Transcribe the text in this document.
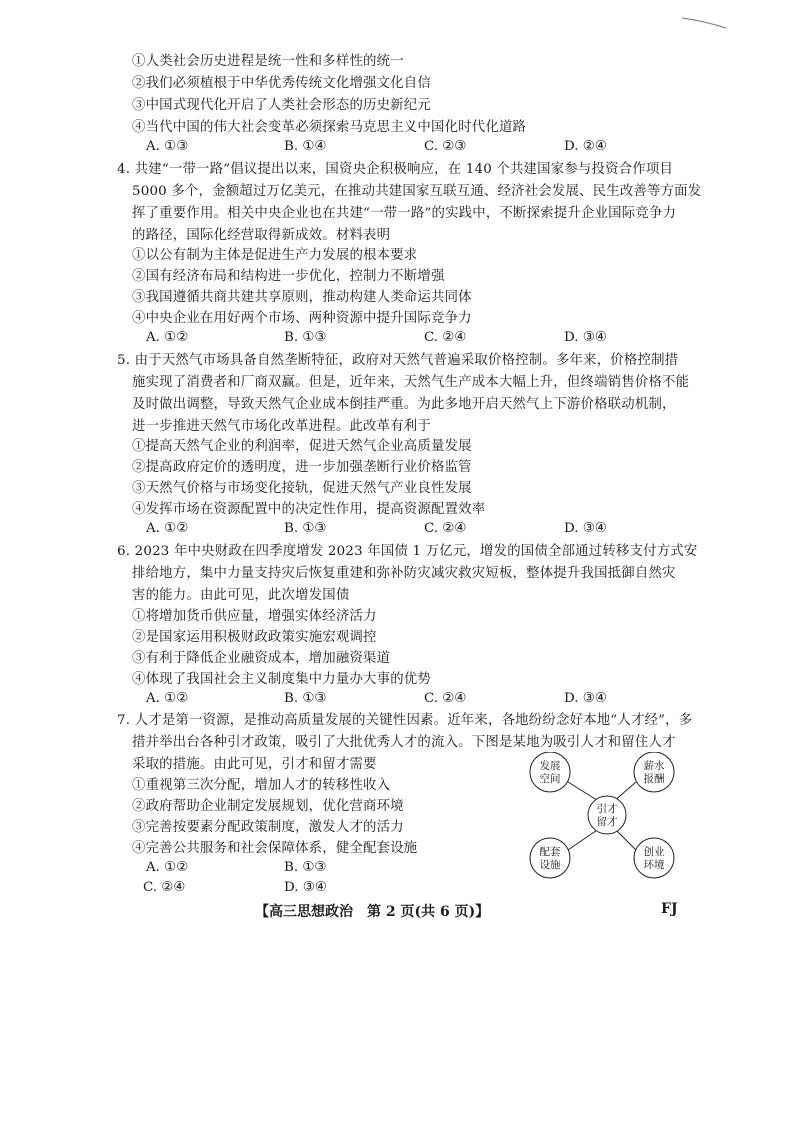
①人类社会历史进程是统一性和多样性的统一
②我们必须植根于中华优秀传统文化增强文化自信
③中国式现代化开启了人类社会形态的历史新纪元
④当代中国的伟大社会变革必须探索马克思主义中国化时代化道路
A. ①③	B. ①④	C. ②③	D. ②④
4. 共建“一带一路”倡议提出以来，国资央企积极响应，在 140 个共建国家参与投资合作项目
5000 多个，金额超过万亿美元，在推动共建国家互联互通、经济社会发展、民生改善等方面发
挥了重要作用。相关中央企业也在共建“一带一路”的实践中，不断探索提升企业国际竞争力
的路径，国际化经营取得新成效。材料表明
①以公有制为主体是促进生产力发展的根本要求
②国有经济布局和结构进一步优化，控制力不断增强
③我国遵循共商共建共享原则，推动构建人类命运共同体
④中央企业在用好两个市场、两种资源中提升国际竞争力
A. ①②	B. ①③	C. ②④	D. ③④
5. 由于天然气市场具备自然垄断特征，政府对天然气普遍采取价格控制。多年来，价格控制措
施实现了消费者和厂商双赢。但是，近年来，天然气生产成本大幅上升，但终端销售价格不能
及时做出调整，导致天然气企业成本倒挂严重。为此多地开启天然气上下游价格联动机制，
进一步推进天然气市场化改革进程。此改革有利于
①提高天然气企业的利润率，促进天然气企业高质量发展
②提高政府定价的透明度，进一步加强垄断行业价格监管
③天然气价格与市场变化接轨，促进天然气产业良性发展
④发挥市场在资源配置中的决定性作用，提高资源配置效率
A. ①②	B. ①③	C. ②④	D. ③④
6. 2023 年中央财政在四季度增发 2023 年国债 1 万亿元，增发的国债全部通过转移支付方式安
排给地方，集中力量支持灾后恢复重建和弥补防灾减灾救灾短板，整体提升我国抵御自然灾
害的能力。由此可见，此次增发国债
①将增加货币供应量，增强实体经济活力
②是国家运用积极财政政策实施宏观调控
③有利于降低企业融资成本，增加融资渠道
④体现了我国社会主义制度集中力量办大事的优势
A. ①②	B. ①③	C. ②④	D. ③④
7. 人才是第一资源，是推动高质量发展的关键性因素。近年来，各地纷纷念好本地“人才经”，多
措并举出台各种引才政策，吸引了大批优秀人才的流入。下图是某地为吸引人才和留住人才
采取的措施。由此可见，引才和留才需要
①重视第三次分配，增加人才的转移性收入
②政府帮助企业制定发展规划，优化营商环境
③完善按要素分配政策制度，激发人才的活力
④完善公共服务和社会保障体系，健全配套设施
A. ①②	B. ①③
C. ②④	D. ③④
发展
空间
薪水
报酬
引才
留才
配套
设施
创业
环境
【高三思想政治　第 2 页(共 6 页)】	FJ
